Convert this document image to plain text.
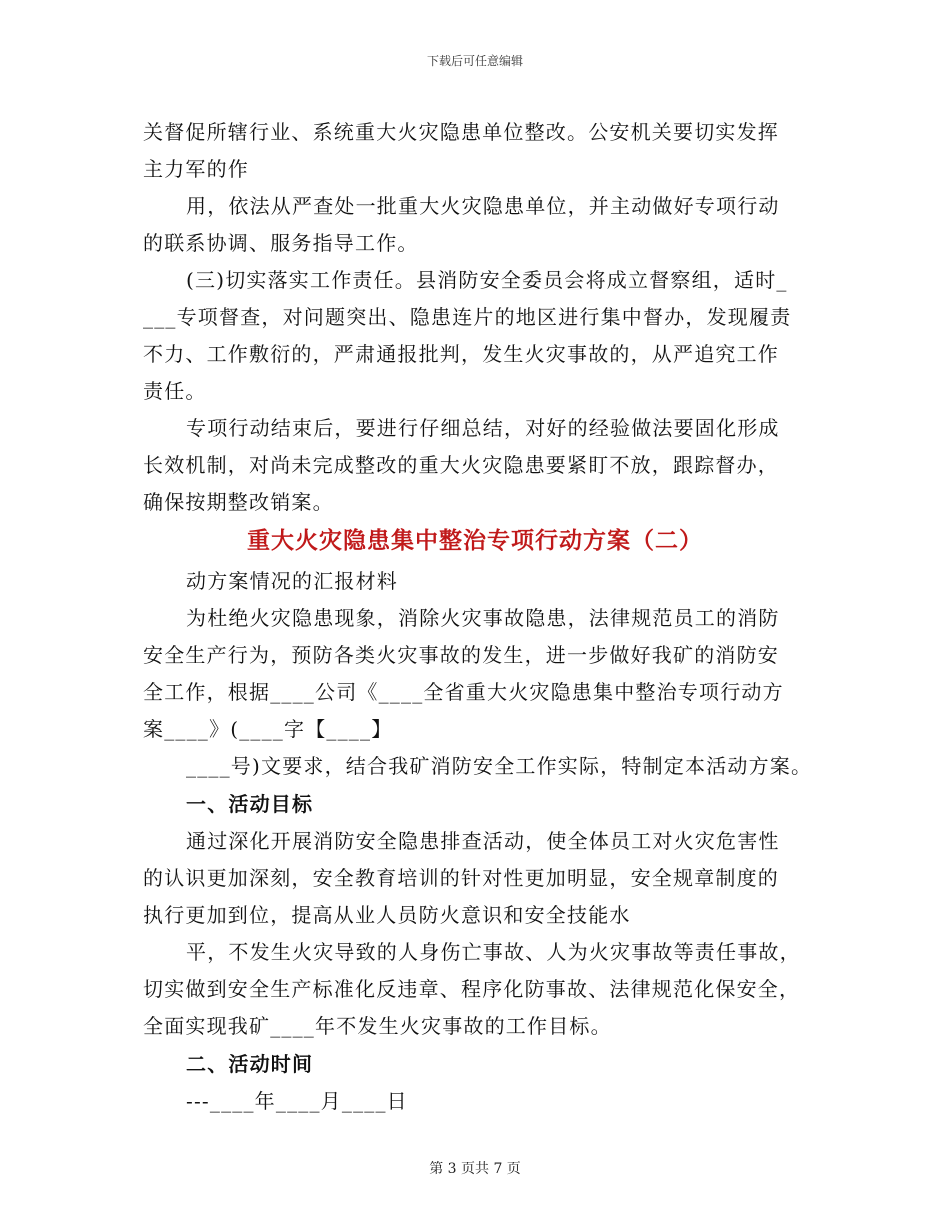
下载后可任意编辑
关督促所辖行业、系统重大火灾隐患单位整改。公安机关要切实发挥
主力军的作
用，依法从严查处一批重大火灾隐患单位，并主动做好专项行动
的联系协调、服务指导工作。
(三)切实落实工作责任。县消防安全委员会将成立督察组，适时_
___专项督查，对问题突出、隐患连片的地区进行集中督办，发现履责
不力、工作敷衍的，严肃通报批判，发生火灾事故的，从严追究工作
责任。
专项行动结束后，要进行仔细总结，对好的经验做法要固化形成
长效机制，对尚未完成整改的重大火灾隐患要紧盯不放，跟踪督办，
确保按期整改销案。
重大火灾隐患集中整治专项行动方案（二）
动方案情况的汇报材料
为杜绝火灾隐患现象，消除火灾事故隐患，法律规范员工的消防
安全生产行为，预防各类火灾事故的发生，进一步做好我矿的消防安
全工作，根据____公司《____全省重大火灾隐患集中整治专项行动方
案____》(____字【____】
____号)文要求，结合我矿消防安全工作实际，特制定本活动方案。
一、活动目标
通过深化开展消防安全隐患排查活动，使全体员工对火灾危害性
的认识更加深刻，安全教育培训的针对性更加明显，安全规章制度的
执行更加到位，提高从业人员防火意识和安全技能水
平，不发生火灾导致的人身伤亡事故、人为火灾事故等责任事故，
切实做到安全生产标准化反违章、程序化防事故、法律规范化保安全，
全面实现我矿____年不发生火灾事故的工作目标。
二、活动时间
---____年____月____日
第 3 页共 7 页
